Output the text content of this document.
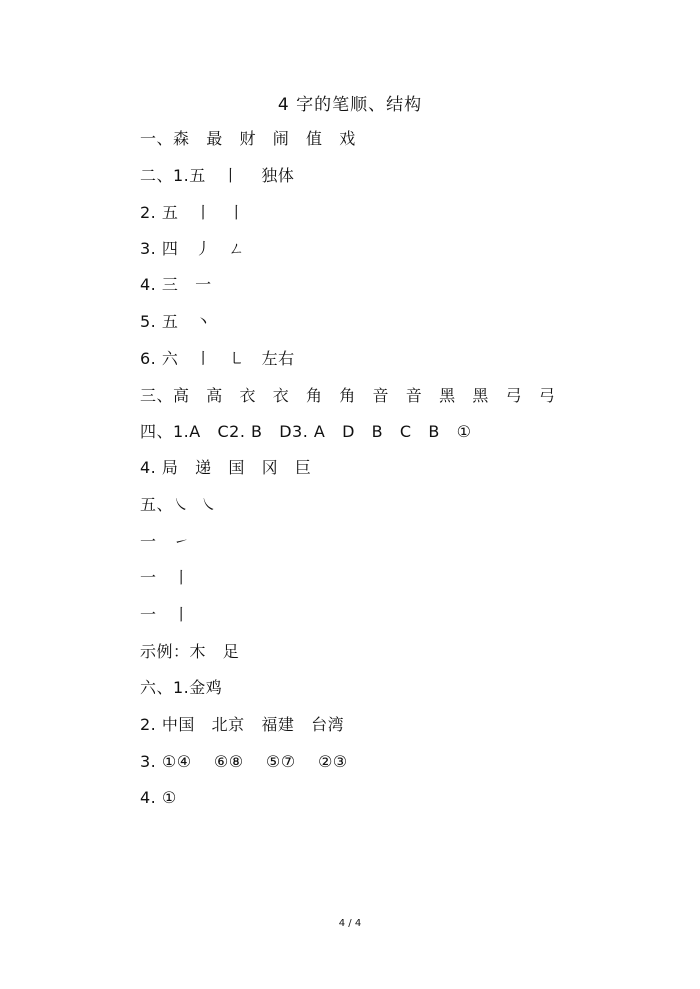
4 字的笔顺、结构
一、森   最   财   闹   值   戏
二、1.五   丨    独体
2. 五   丨   丨
3. 四   丿   ㄥ
4. 三   一
5. 五   丶
6. 六   ㇑   ㇄   左右
三、高   高   衣   衣   角   角   音   音   黑   黑   弓   弓
四、1.A   C2. B   D3. A   D   B   C   B   ①
4. 局   递   国   冈   巨
五、㇏  ㇏
一   ㇀
一   丨
一   丨
示例：木   足
六、1.金鸡
2. 中国   北京   福建   台湾
3. ①④    ⑥⑧    ⑤⑦    ②③
4. ①
4 / 4
